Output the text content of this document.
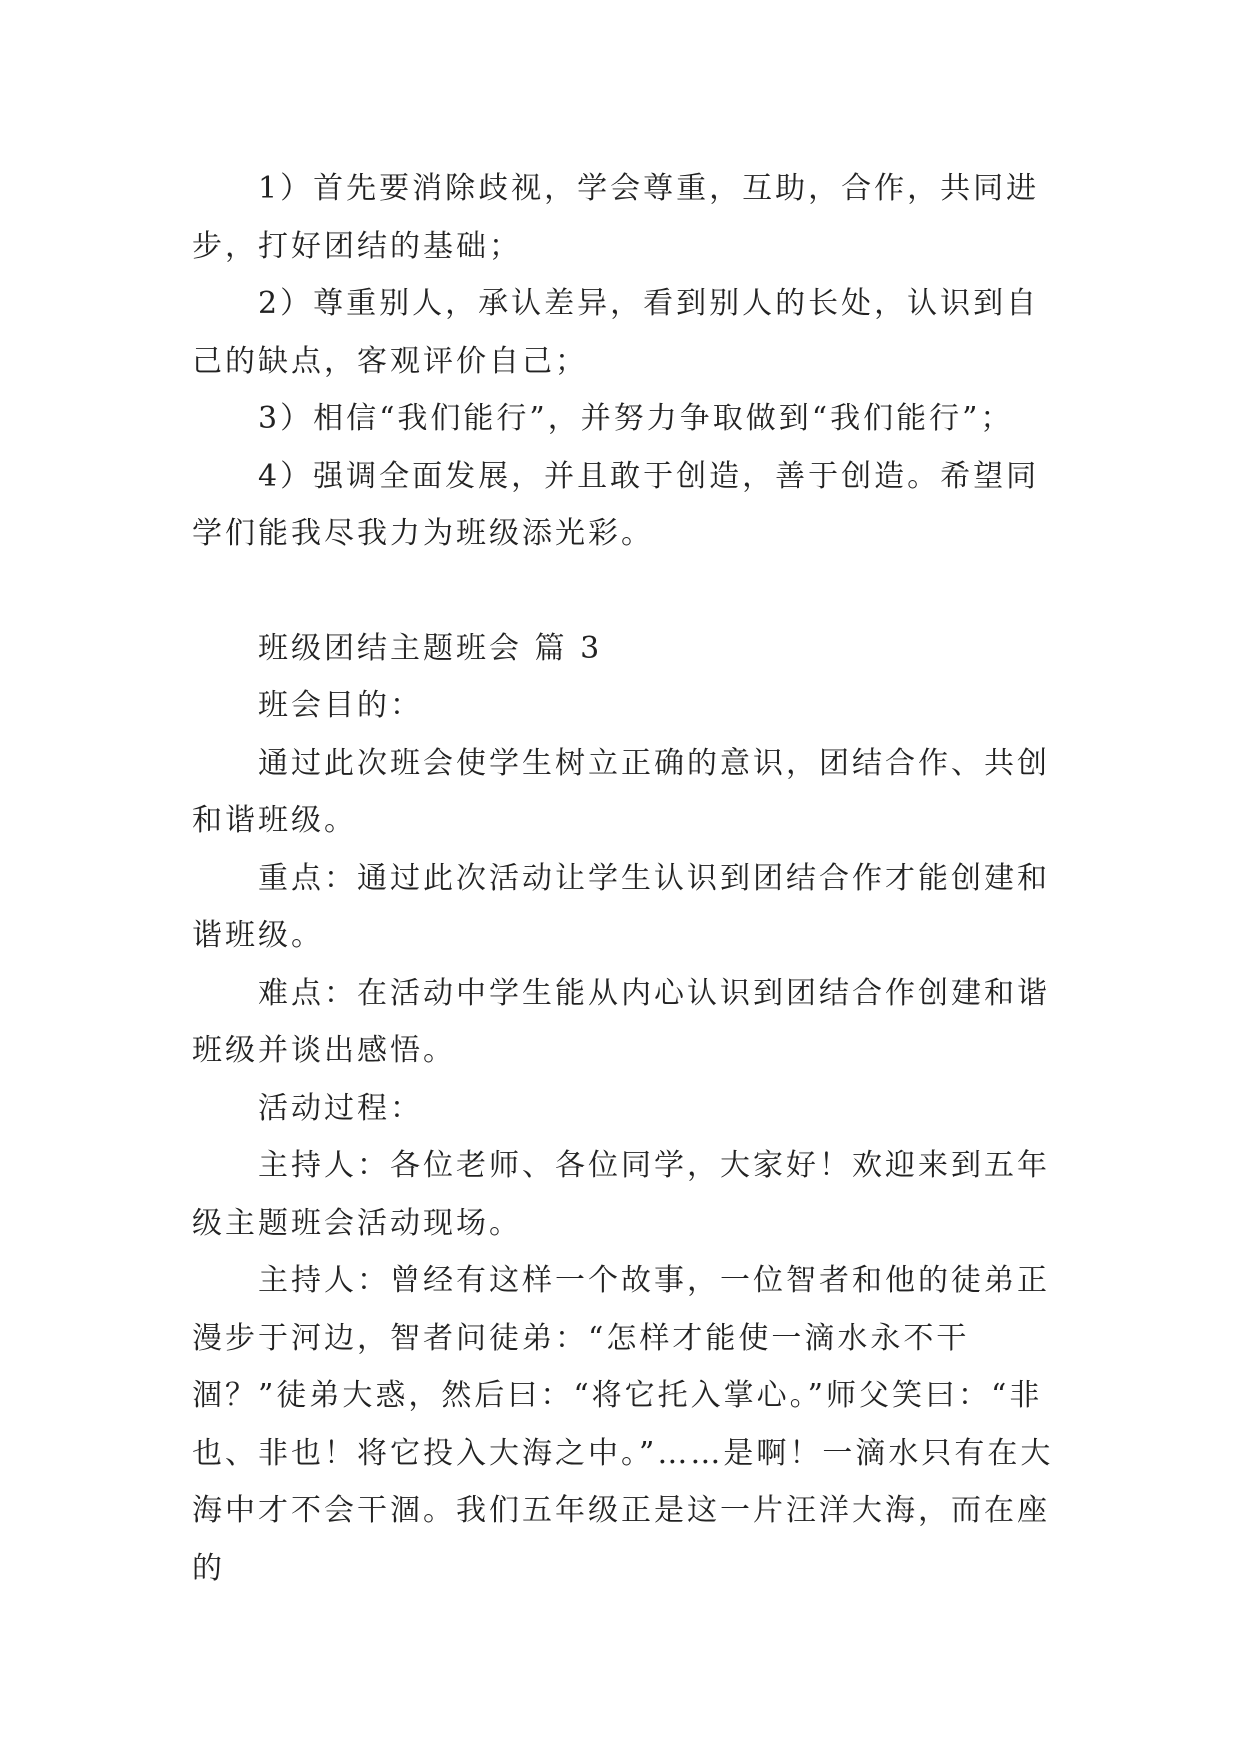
1）首先要消除歧视，学会尊重，互助，合作，共同进步，打好团结的基础；

2）尊重别人，承认差异，看到别人的长处，认识到自己的缺点，客观评价自己；

3）相信“我们能行”，并努力争取做到“我们能行”；

4）强调全面发展，并且敢于创造，善于创造。希望同学们能我尽我力为班级添光彩。

班级团结主题班会 篇 3

班会目的：

通过此次班会使学生树立正确的意识，团结合作、共创和谐班级。

重点：通过此次活动让学生认识到团结合作才能创建和谐班级。

难点：在活动中学生能从内心认识到团结合作创建和谐班级并谈出感悟。

活动过程：

主持人：各位老师、各位同学，大家好！欢迎来到五年级主题班会活动现场。

主持人：曾经有这样一个故事，一位智者和他的徒弟正漫步于河边，智者问徒弟：“怎样才能使一滴水永不干涸？”徒弟大惑，然后曰：“将它托入掌心。”师父笑曰：“非也、非也！将它投入大海之中。”……是啊！一滴水只有在大海中才不会干涸。我们五年级正是这一片汪洋大海，而在座的
